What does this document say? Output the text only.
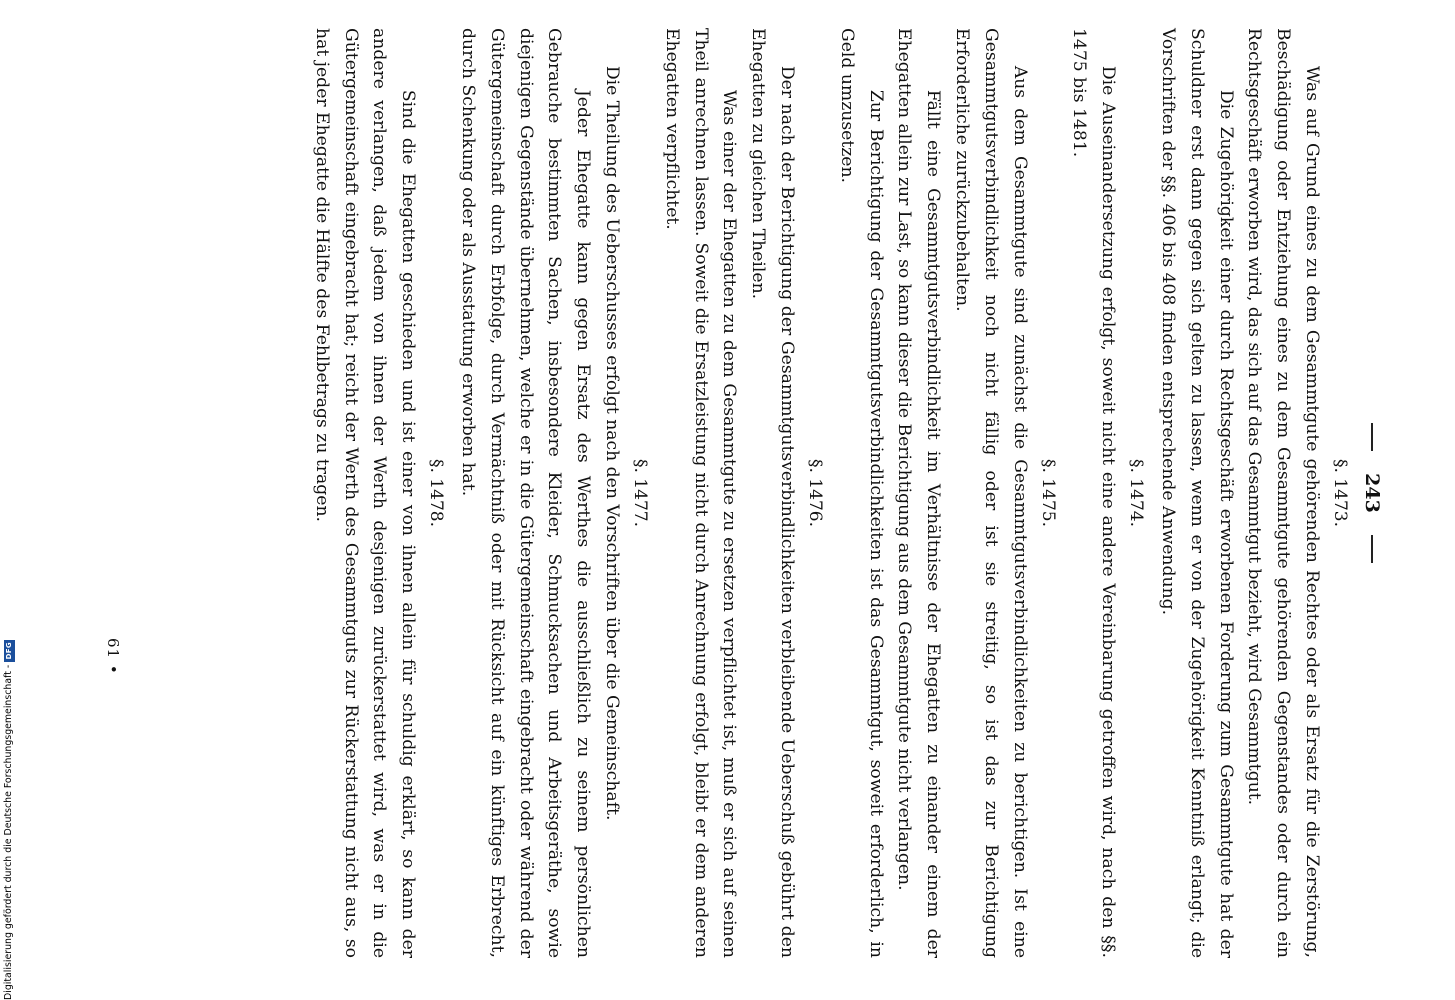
Digitalisierung gefördert durch die Deutsche Forschungsgemeinschaft -
DFG
243
§. 1473.

Was auf Grund eines zu dem Gesammtgute gehörenden Rechtes oder als Ersatz für die Zerstörung, Beschädigung oder Entziehung eines zu dem Gesammtgute gehörenden Gegenstandes oder durch ein Rechtsgeschäft erworben wird, das sich auf das Gesammtgut bezieht, wird Gesammtgut.

Die Zugehörigkeit einer durch Rechtsgeschäft erworbenen Forderung zum Gesammtgute hat der Schuldner erst dann gegen sich gelten zu lassen, wenn er von der Zugehörigkeit Kenntniß erlangt; die Vorschriften der §§. 406 bis 408 finden entsprechende Anwendung.

§. 1474.

Die Auseinandersetzung erfolgt, soweit nicht eine andere Vereinbarung getroffen wird, nach den §§. 1475 bis 1481.

§. 1475.

Aus dem Gesammtgute sind zunächst die Gesammtgutsverbindlichkeiten zu berichtigen. Ist eine Gesammtgutsverbindlichkeit noch nicht fällig oder ist sie streitig, so ist das zur Berichtigung Erforderliche zurückzubehalten.

Fällt eine Gesammtgutsverbindlichkeit im Verhältnisse der Ehegatten zu einander einem der Ehegatten allein zur Last, so kann dieser die Berichtigung aus dem Gesammtgute nicht verlangen.

Zur Berichtigung der Gesammtgutsverbindlichkeiten ist das Gesammtgut, soweit erforderlich, in Geld umzusetzen.

§. 1476.

Der nach der Berichtigung der Gesammtgutsverbindlichkeiten verbleibende Ueberschuß gebührt den Ehegatten zu gleichen Theilen.

Was einer der Ehegatten zu dem Gesammtgute zu ersetzen verpflichtet ist, muß er sich auf seinen Theil anrechnen lassen. Soweit die Ersatzleistung nicht durch Anrechnung erfolgt, bleibt er dem anderen Ehegatten verpflichtet.

§. 1477.

Die Theilung des Ueberschusses erfolgt nach den Vorschriften über die Gemeinschaft.

Jeder Ehegatte kann gegen Ersatz des Werthes die ausschließlich zu seinem persönlichen Gebrauche bestimmten Sachen, insbesondere Kleider, Schmucksachen und Arbeitsgeräthe, sowie diejenigen Gegenstände übernehmen, welche er in die Gütergemeinschaft eingebracht oder während der Gütergemeinschaft durch Erbfolge, durch Vermächtniß oder mit Rücksicht auf ein künftiges Erbrecht, durch Schenkung oder als Ausstattung erworben hat.

§. 1478.

Sind die Ehegatten geschieden und ist einer von ihnen allein für schuldig erklärt, so kann der andere verlangen, daß jedem von ihnen der Werth desjenigen zurückerstattet wird, was er in die Gütergemeinschaft eingebracht hat; reicht der Werth des Gesammtguts zur Rückerstattung nicht aus, so hat jeder Ehegatte die Hälfte des Fehlbetrags zu tragen.

61 •
